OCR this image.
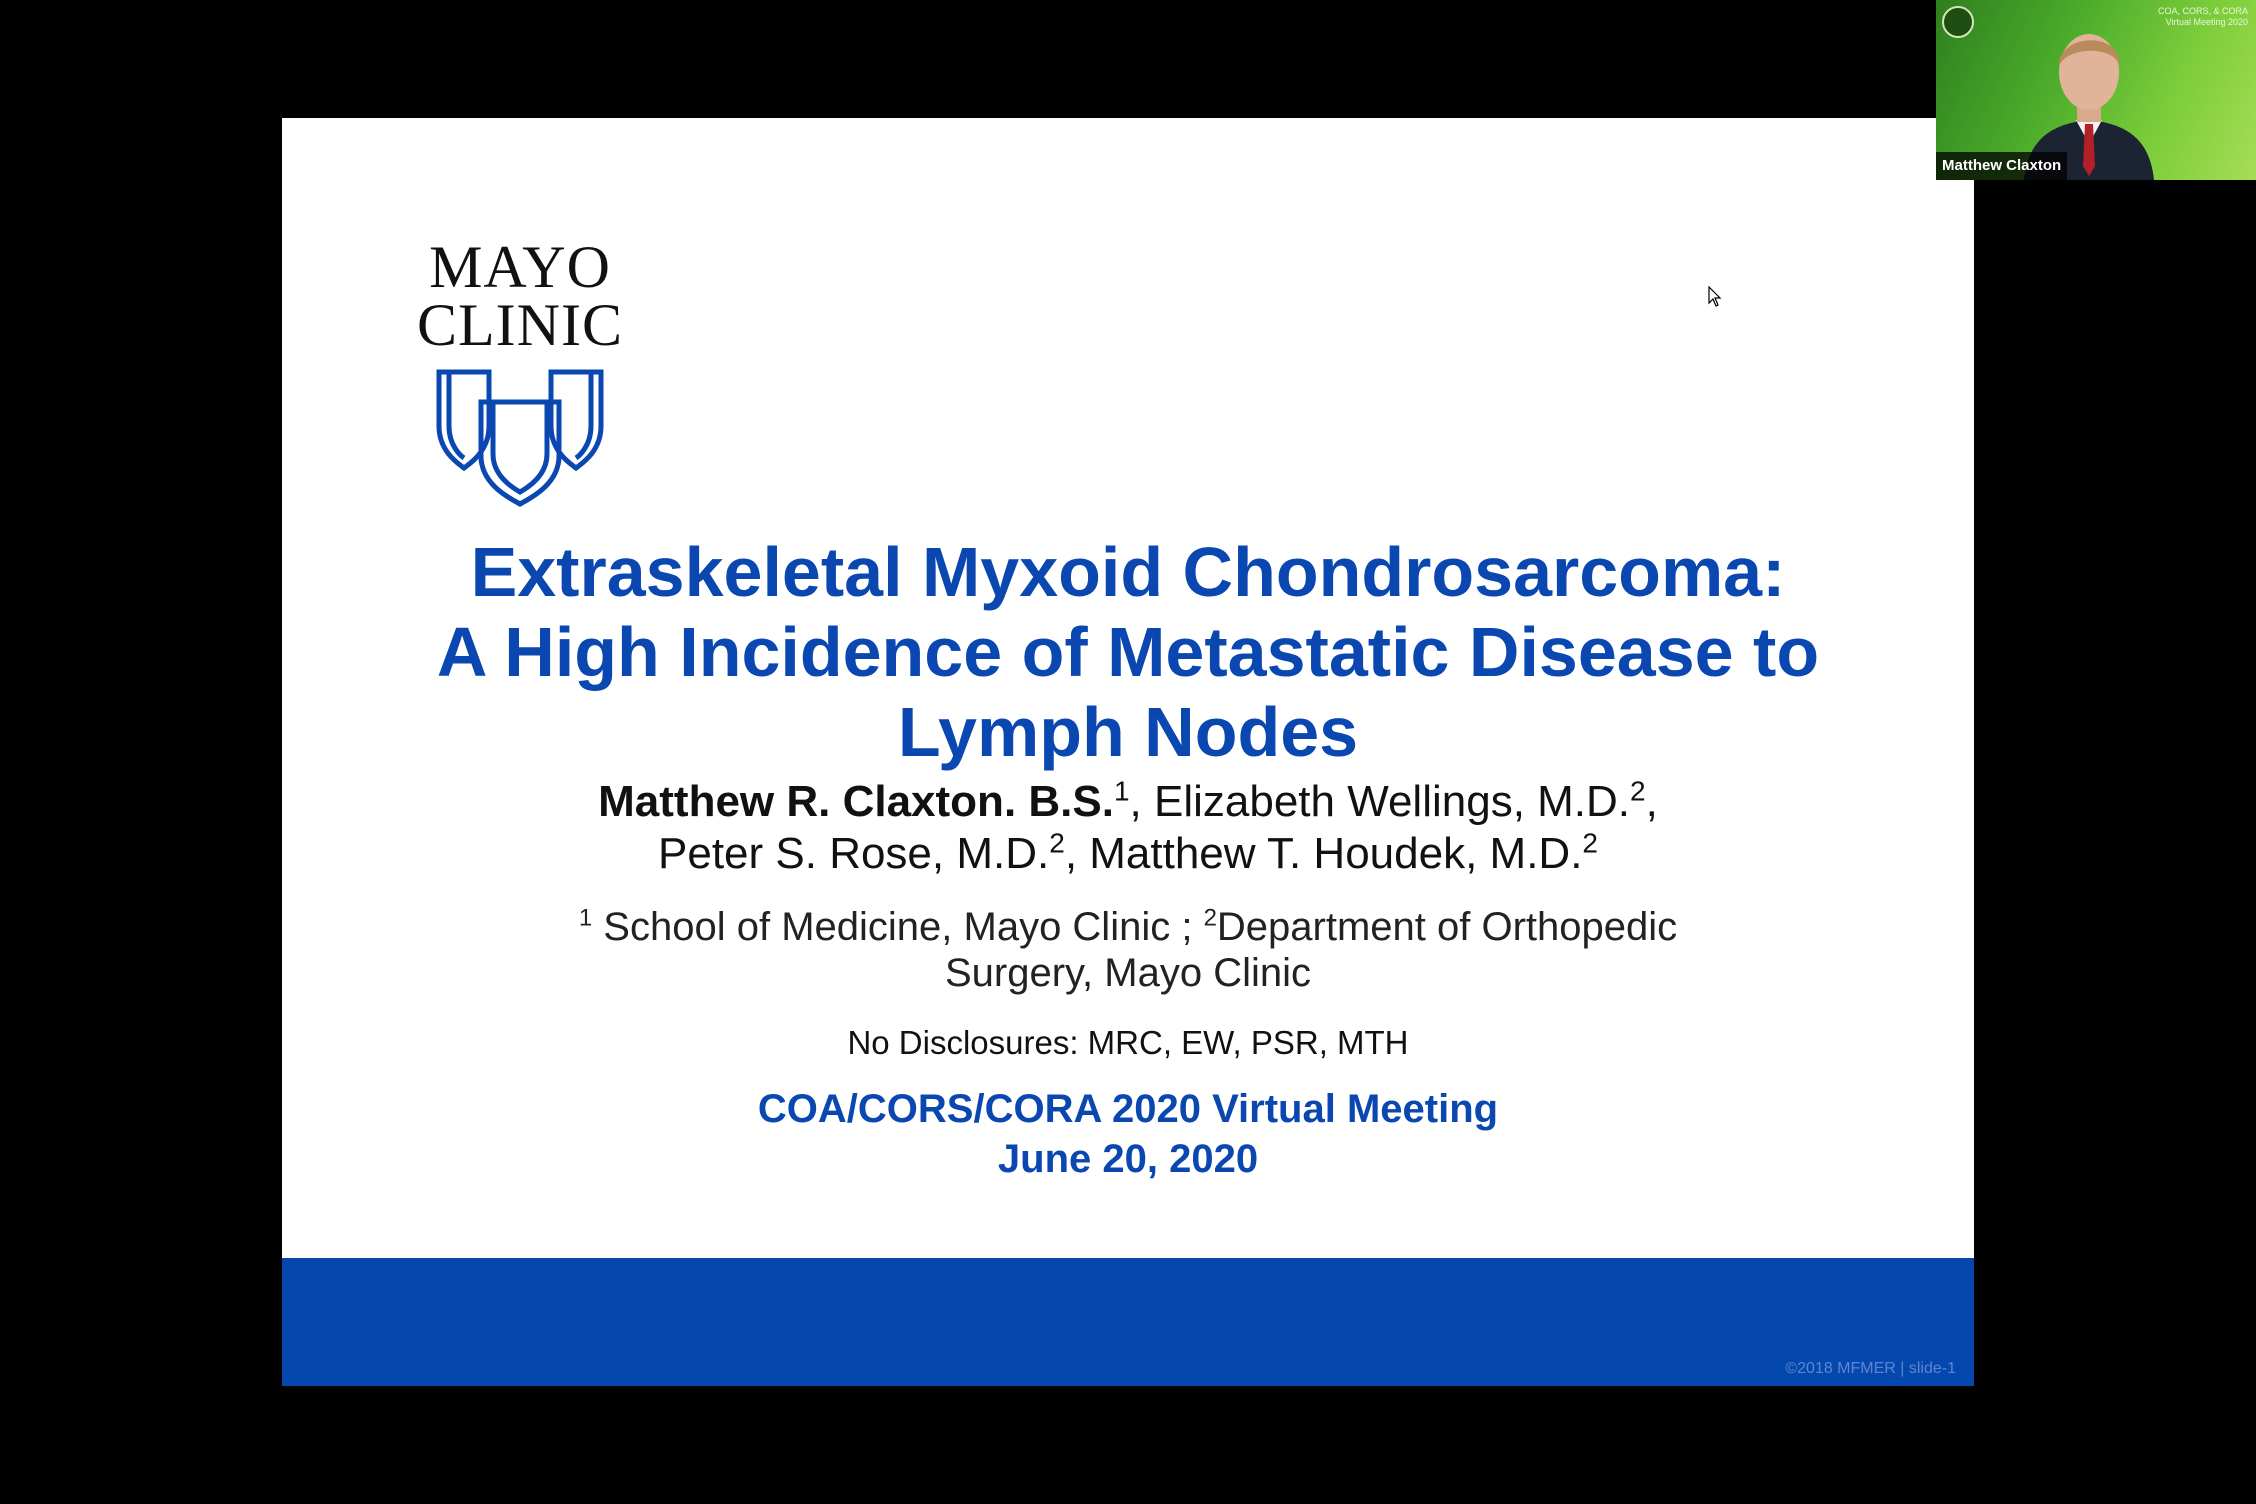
MAYO
CLINIC
Extraskeletal Myxoid Chondrosarcoma:
A High Incidence of Metastatic Disease to
Lymph Nodes
Matthew R. Claxton. B.S.$^1$, Elizabeth Wellings, M.D.$^2$,
Peter S. Rose, M.D.$^2$, Matthew T. Houdek, M.D.$^2$
$^1$ School of Medicine, Mayo Clinic ; $^2$Department of Orthopedic
Surgery, Mayo Clinic
No Disclosures: MRC, EW, PSR, MTH
COA/CORS/CORA 2020 Virtual Meeting
June 20, 2020
©2018 MFMER | slide-1
COA, CORS, & CORA
Virtual Meeting 2020
Matthew Claxton
